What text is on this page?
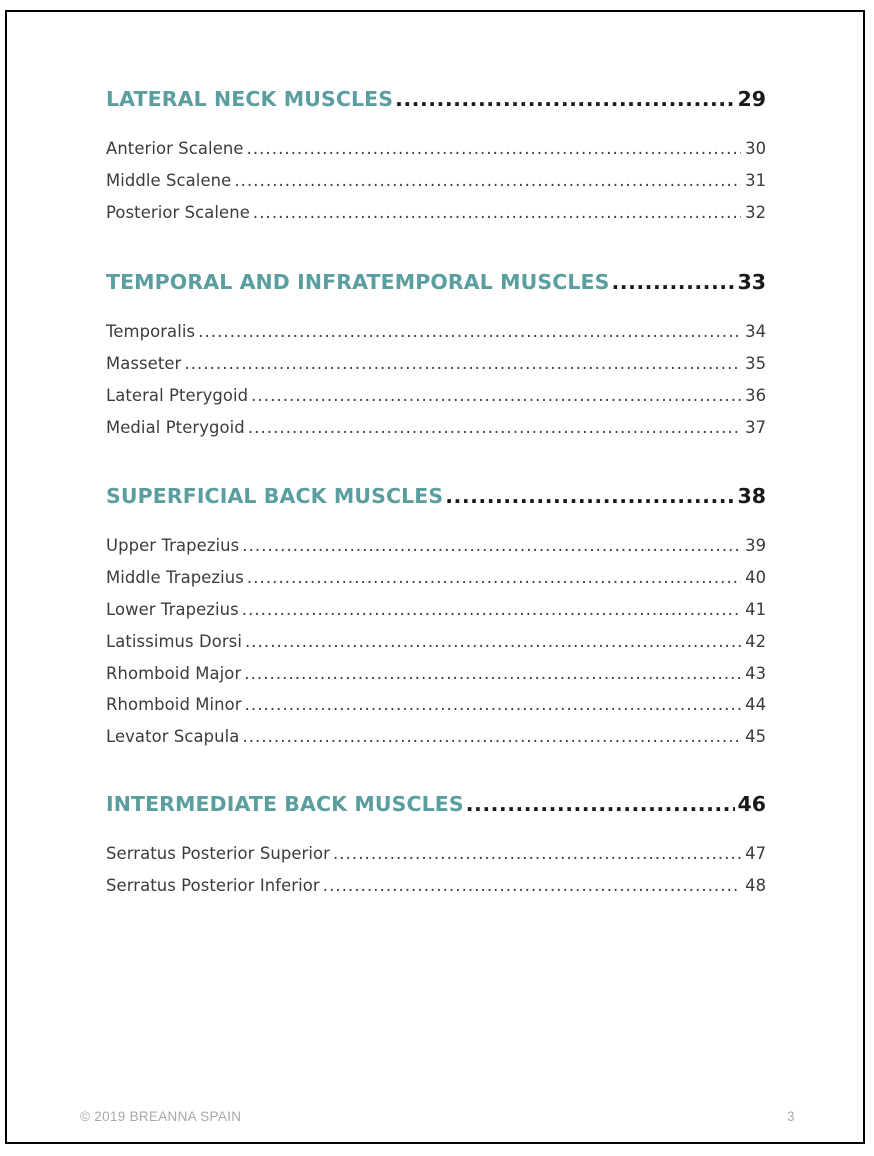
LATERAL NECK MUSCLES .....	29
Anterior Scalene .....	30
Middle Scalene .....	31
Posterior Scalene .....	32
TEMPORAL AND INFRATEMPORAL MUSCLES .....	33
Temporalis .....	34
Masseter .....	35
Lateral Pterygoid .....	36
Medial Pterygoid .....	37
SUPERFICIAL BACK MUSCLES .....	38
Upper Trapezius .....	39
Middle Trapezius .....	40
Lower Trapezius .....	41
Latissimus Dorsi .....	42
Rhomboid Major .....	43
Rhomboid Minor .....	44
Levator Scapula .....	45
INTERMEDIATE BACK MUSCLES .....	46
Serratus Posterior Superior .....	47
Serratus Posterior Inferior .....	48
© 2019 BREANNA SPAIN	3
